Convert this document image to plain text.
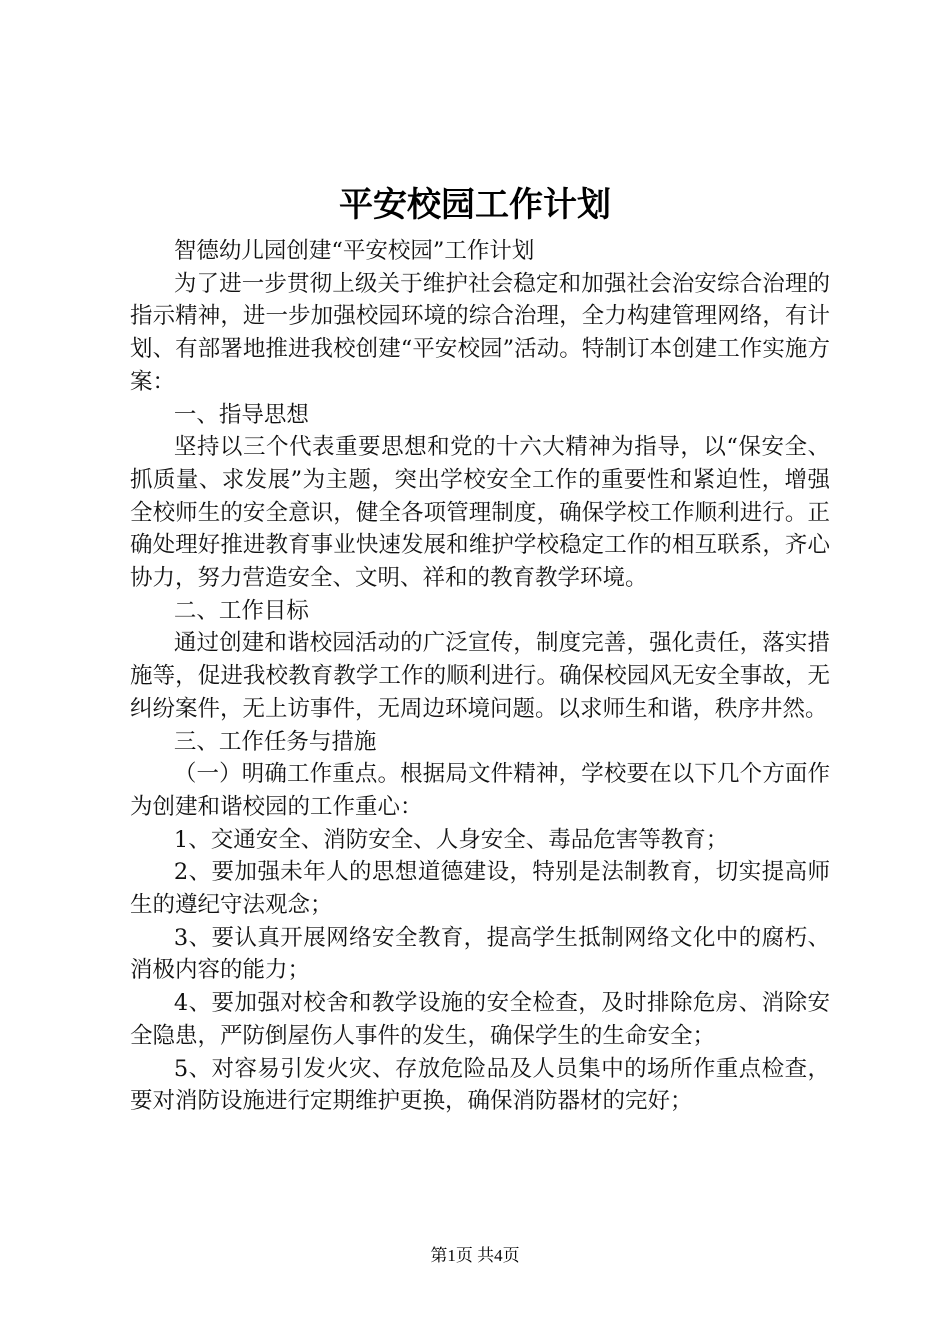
平安校园工作计划

智德幼儿园创建“平安校园”工作计划

为了进一步贯彻上级关于维护社会稳定和加强社会治安综合治理的指示精神，进一步加强校园环境的综合治理，全力构建管理网络，有计划、有部署地推进我校创建“平安校园”活动。特制订本创建工作实施方案：

一、指导思想

坚持以三个代表重要思想和党的十六大精神为指导，以“保安全、抓质量、求发展”为主题，突出学校安全工作的重要性和紧迫性，增强全校师生的安全意识，健全各项管理制度，确保学校工作顺利进行。正确处理好推进教育事业快速发展和维护学校稳定工作的相互联系，齐心协力，努力营造安全、文明、祥和的教育教学环境。

二、工作目标

通过创建和谐校园活动的广泛宣传，制度完善，强化责任，落实措施等，促进我校教育教学工作的顺利进行。确保校园风无安全事故，无纠纷案件，无上访事件，无周边环境问题。以求师生和谐，秩序井然。

三、工作任务与措施

（一）明确工作重点。根据局文件精神，学校要在以下几个方面作为创建和谐校园的工作重心：

1、交通安全、消防安全、人身安全、毒品危害等教育；

2、要加强未年人的思想道德建设，特别是法制教育，切实提高师生的遵纪守法观念；

3、要认真开展网络安全教育，提高学生抵制网络文化中的腐朽、消极内容的能力；

4、要加强对校舍和教学设施的安全检查，及时排除危房、消除安全隐患，严防倒屋伤人事件的发生，确保学生的生命安全；

5、对容易引发火灾、存放危险品及人员集中的场所作重点检查，要对消防设施进行定期维护更换，确保消防器材的完好；

第1页 共4页
